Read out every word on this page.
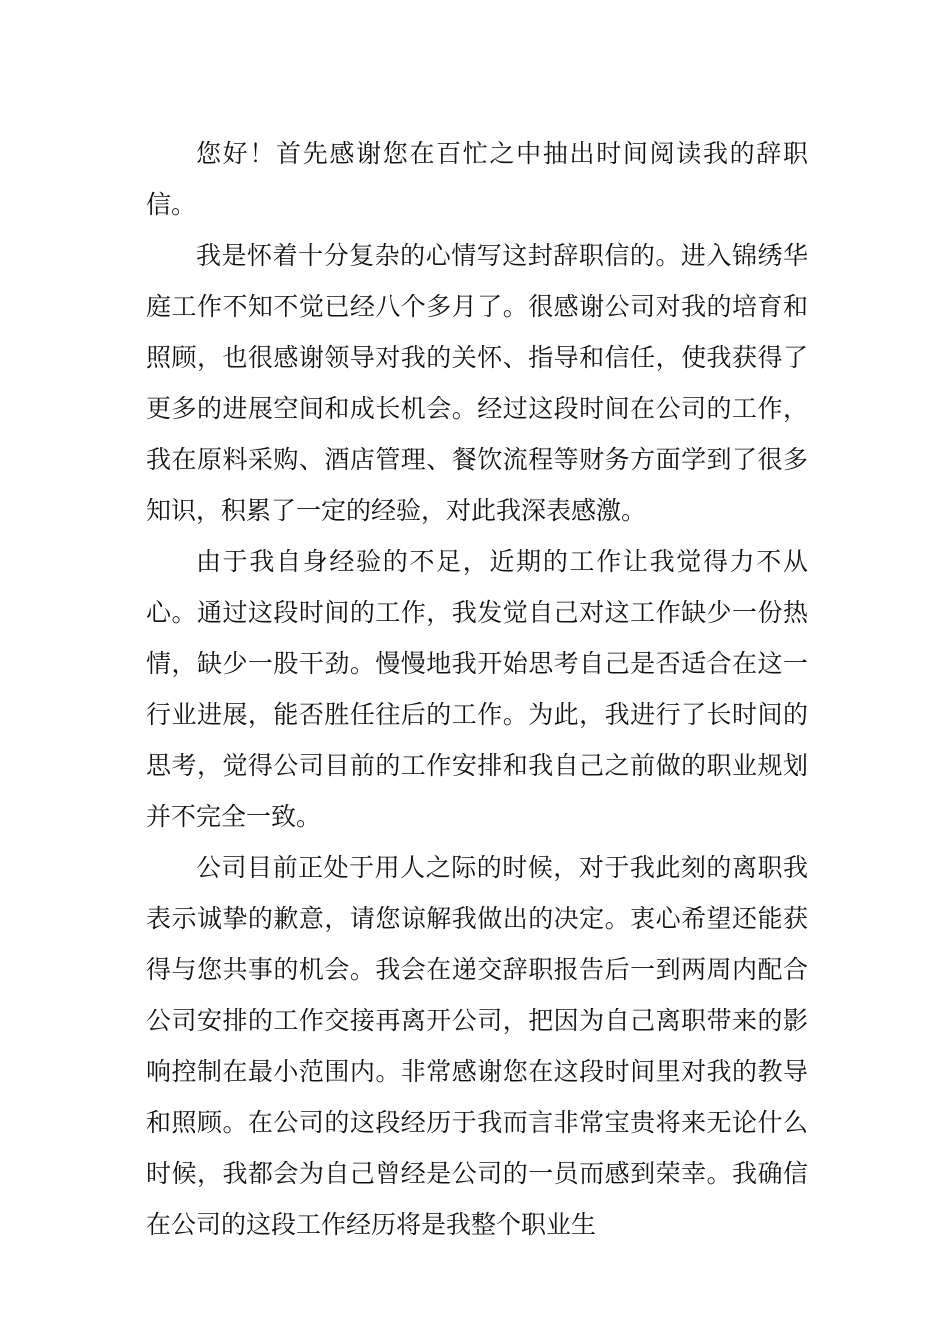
您好！首先感谢您在百忙之中抽出时间阅读我的辞职信。

我是怀着十分复杂的心情写这封辞职信的。进入锦绣华庭工作不知不觉已经八个多月了。很感谢公司对我的培育和照顾，也很感谢领导对我的关怀、指导和信任，使我获得了更多的进展空间和成长机会。经过这段时间在公司的工作，我在原料采购、酒店管理、餐饮流程等财务方面学到了很多知识，积累了一定的经验，对此我深表感激。

由于我自身经验的不足，近期的工作让我觉得力不从心。通过这段时间的工作，我发觉自己对这工作缺少一份热情，缺少一股干劲。慢慢地我开始思考自己是否适合在这一行业进展，能否胜任往后的工作。为此，我进行了长时间的思考，觉得公司目前的工作安排和我自己之前做的职业规划并不完全一致。

公司目前正处于用人之际的时候，对于我此刻的离职我表示诚挚的歉意，请您谅解我做出的决定。衷心希望还能获得与您共事的机会。我会在递交辞职报告后一到两周内配合公司安排的工作交接再离开公司，把因为自己离职带来的影响控制在最小范围内。非常感谢您在这段时间里对我的教导和照顾。在公司的这段经历于我而言非常宝贵将来无论什么时候，我都会为自己曾经是公司的一员而感到荣幸。我确信在公司的这段工作经历将是我整个职业生
